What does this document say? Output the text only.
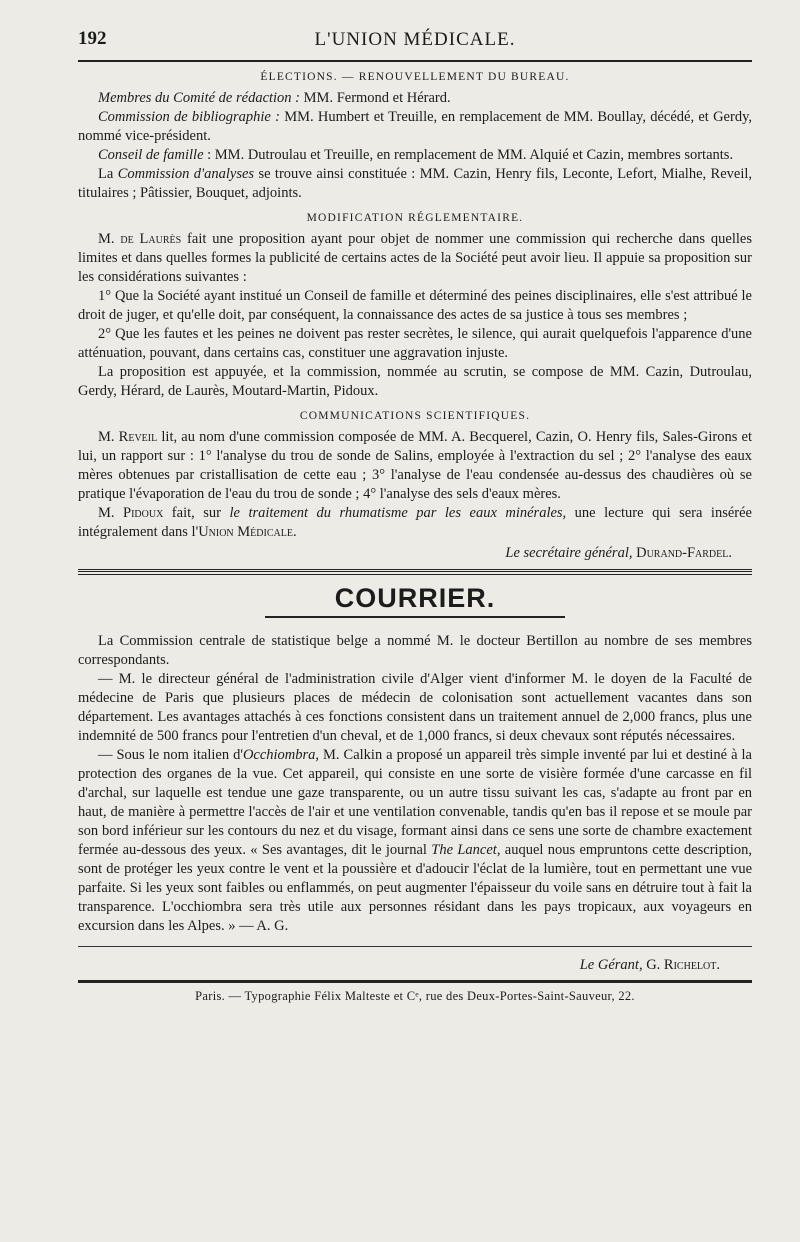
192	L'UNION MÉDICALE.
ÉLECTIONS. — RENOUVELLEMENT DU BUREAU.

Membres du Comité de rédaction : MM. Fermond et Hérard.

Commission de bibliographie : MM. Humbert et Treuille, en remplacement de MM. Boullay, décédé, et Gerdy, nommé vice-président.

Conseil de famille : MM. Dutroulau et Treuille, en remplacement de MM. Alquié et Cazin, membres sortants.

La Commission d'analyses se trouve ainsi constituée : MM. Cazin, Henry fils, Leconte, Lefort, Mialhe, Reveil, titulaires ; Pâtissier, Bouquet, adjoints.

MODIFICATION RÉGLEMENTAIRE.

M. de Laurès fait une proposition ayant pour objet de nommer une commission qui recherche dans quelles limites et dans quelles formes la publicité de certains actes de la Société peut avoir lieu. Il appuie sa proposition sur les considérations suivantes :

1° Que la Société ayant institué un Conseil de famille et déterminé des peines disciplinaires, elle s'est attribué le droit de juger, et qu'elle doit, par conséquent, la connaissance des actes de sa justice à tous ses membres ;

2° Que les fautes et les peines ne doivent pas rester secrètes, le silence, qui aurait quelquefois l'apparence d'une atténuation, pouvant, dans certains cas, constituer une aggravation injuste.

La proposition est appuyée, et la commission, nommée au scrutin, se compose de MM. Cazin, Dutroulau, Gerdy, Hérard, de Laurès, Moutard-Martin, Pidoux.

COMMUNICATIONS SCIENTIFIQUES.

M. Reveil lit, au nom d'une commission composée de MM. A. Becquerel, Cazin, O. Henry fils, Sales-Girons et lui, un rapport sur : 1° l'analyse du trou de sonde de Salins, employée à l'extraction du sel ; 2° l'analyse des eaux mères obtenues par cristallisation de cette eau ; 3° l'analyse de l'eau condensée au-dessus des chaudières où se pratique l'évaporation de l'eau du trou de sonde ; 4° l'analyse des sels d'eaux mères.

M. Pidoux fait, sur le traitement du rhumatisme par les eaux minérales, une lecture qui sera insérée intégralement dans l'Union Médicale.

Le secrétaire général, Durand-Fardel.
COURRIER.

La Commission centrale de statistique belge a nommé M. le docteur Bertillon au nombre de ses membres correspondants.

— M. le directeur général de l'administration civile d'Alger vient d'informer M. le doyen de la Faculté de médecine de Paris que plusieurs places de médecin de colonisation sont actuellement vacantes dans son département. Les avantages attachés à ces fonctions consistent dans un traitement annuel de 2,000 francs, plus une indemnité de 500 francs pour l'entretien d'un cheval, et de 1,000 francs, si deux chevaux sont réputés nécessaires.

— Sous le nom italien d'Occhiombra, M. Calkin a proposé un appareil très simple inventé par lui et destiné à la protection des organes de la vue. Cet appareil, qui consiste en une sorte de visière formée d'une carcasse en fil d'archal, sur laquelle est tendue une gaze transparente, ou un autre tissu suivant les cas, s'adapte au front par en haut, de manière à permettre l'accès de l'air et une ventilation convenable, tandis qu'en bas il repose et se moule par son bord inférieur sur les contours du nez et du visage, formant ainsi dans ce sens une sorte de chambre exactement fermée au-dessous des yeux. « Ses avantages, dit le journal The Lancet, auquel nous empruntons cette description, sont de protéger les yeux contre le vent et la poussière et d'adoucir l'éclat de la lumière, tout en permettant une vue parfaite. Si les yeux sont faibles ou enflammés, on peut augmenter l'épaisseur du voile sans en détruire tout à fait la transparence. L'occhiombra sera très utile aux personnes résidant dans les pays tropicaux, aux voyageurs en excursion dans les Alpes. » — A. G.

Le Gérant, G. Richelot.
Paris. — Typographie Félix Malteste et Cᵉ, rue des Deux-Portes-Saint-Sauveur, 22.
